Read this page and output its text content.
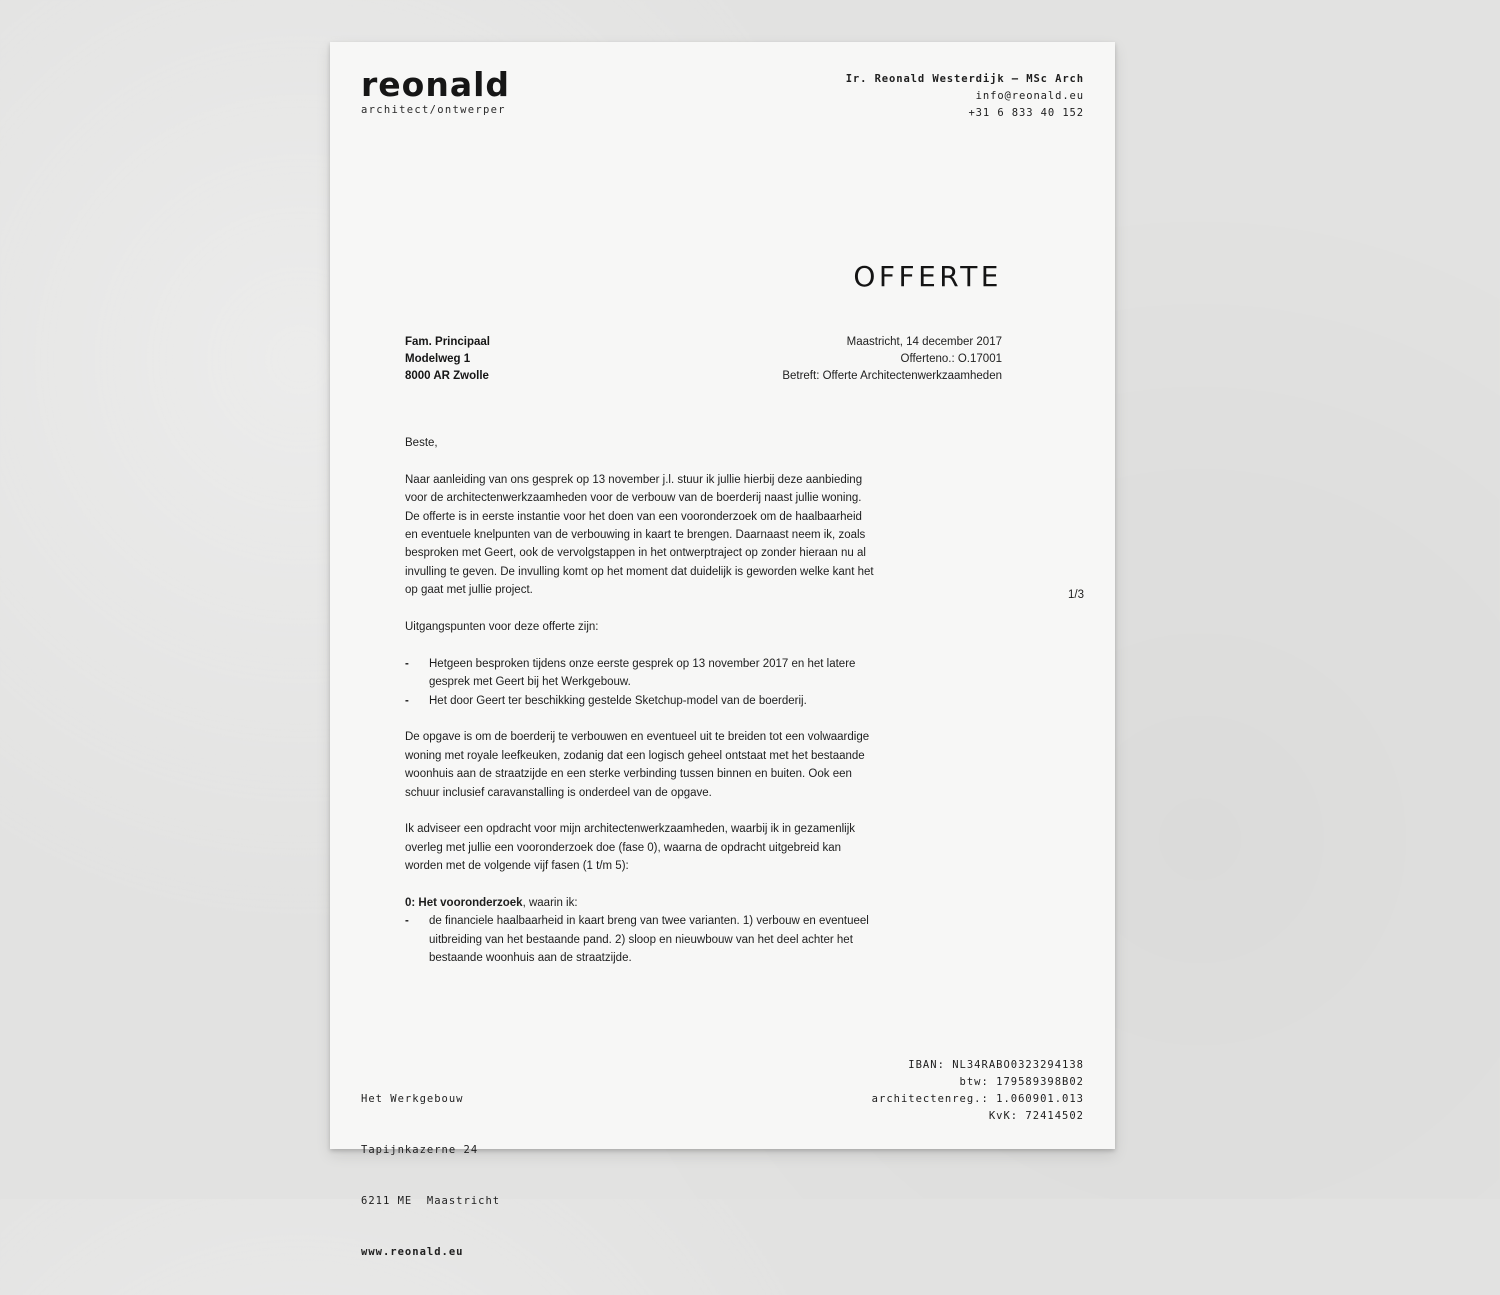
reonald
architect/ontwerper
Ir. Reonald Westerdijk – MSc Arch
info@reonald.eu
+31 6 833 40 152
OFFERTE
Fam. Principaal
Modelweg 1
8000 AR Zwolle
Maastricht, 14 december 2017
Offerteno.: O.17001
Betreft: Offerte Architectenwerkzaamheden

Beste,

Naar aanleiding van ons gesprek op 13 november j.l. stuur ik jullie hierbij deze aanbieding voor de architectenwerkzaamheden voor de verbouw van de boerderij naast jullie woning. De offerte is in eerste instantie voor het doen van een vooronderzoek om de haalbaarheid en eventuele knelpunten van de verbouwing in kaart te brengen. Daarnaast neem ik, zoals besproken met Geert, ook de vervolgstappen in het ontwerptraject op zonder hieraan nu al invulling te geven. De invulling komt op het moment dat duidelijk is geworden welke kant het op gaat met jullie project.

Uitgangspunten voor deze offerte zijn:

- Hetgeen besproken tijdens onze eerste gesprek op 13 november 2017 en het latere gesprek met Geert bij het Werkgebouw.
- Het door Geert ter beschikking gestelde Sketchup-model van de boerderij.

De opgave is om de boerderij te verbouwen en eventueel uit te breiden tot een volwaardige woning met royale leefkeuken, zodanig dat een logisch geheel ontstaat met het bestaande woonhuis aan de straatzijde en een sterke verbinding tussen binnen en buiten. Ook een schuur inclusief caravanstalling is onderdeel van de opgave.

Ik adviseer een opdracht voor mijn architectenwerkzaamheden, waarbij ik in gezamenlijk overleg met jullie een vooronderzoek doe (fase 0), waarna de opdracht uitgebreid kan worden met de volgende vijf fasen (1 t/m 5):

0: Het vooronderzoek, waarin ik:

- de financiele haalbaarheid in kaart breng van twee varianten. 1) verbouw en eventueel uitbreiding van het bestaande pand. 2) sloop en nieuwbouw van het deel achter het bestaande woonhuis aan de straatzijde.
1/3

Het Werkgebouw

Tapijnkazerne 24

6211 ME  Maastricht

www.reonald.eu

IBAN: NL34RABO0323294138
btw: 179589398B02
architectenreg.: 1.060901.013
KvK: 72414502
